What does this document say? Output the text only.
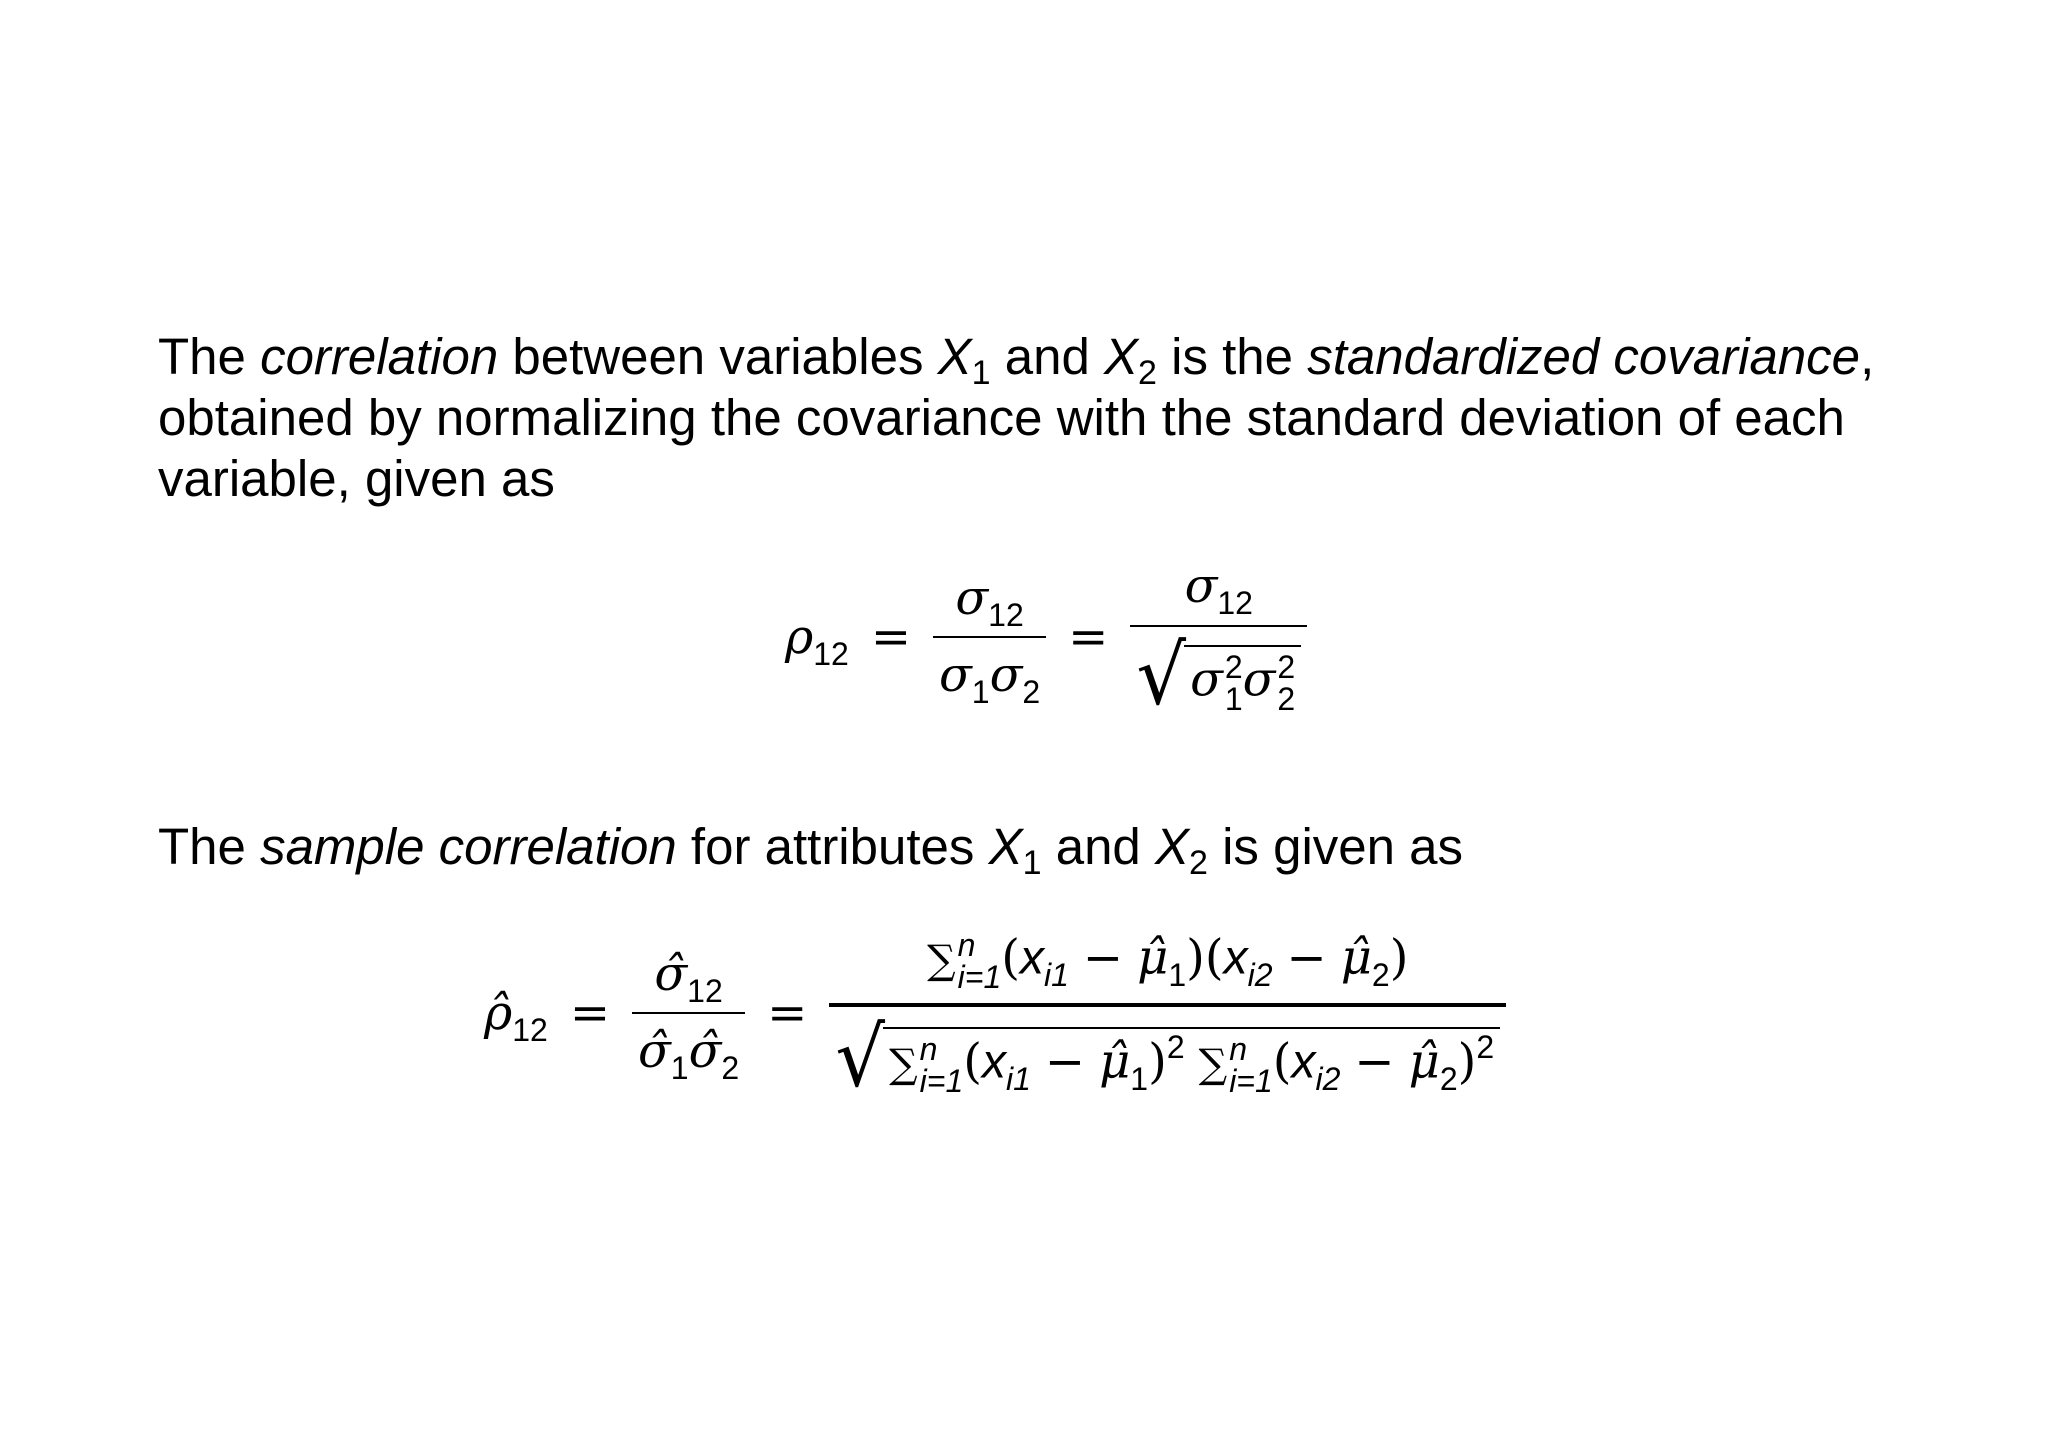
The correlation between variables $X_1$ and $X_2$ is the standardized covariance,
obtained by normalizing the covariance with the standard deviation of each
variable, given as
$\rho_{12} = \frac{\sigma_{12}}{\sigma_1\sigma_2} = \sigma_{12}$
√ σ 2
1 σ 2
2
The sample correlation for attributes $X_1$ and $X_2$ is given as
$\rhô_{12} = \frac{\sigmâ_{12}}{\sigmâ_1\sigmâ_2}$ = ∑ n
i=1 ($x_{i1}$ − $\mû_1)(x_{i2}$ − $\mû_2$)
√ ∑ n
i=1 ($x_{i1}$ − $\mû_1)^2$ ∑ n
i=1 ($x_{i2}$ − $\mû_2)^2$
